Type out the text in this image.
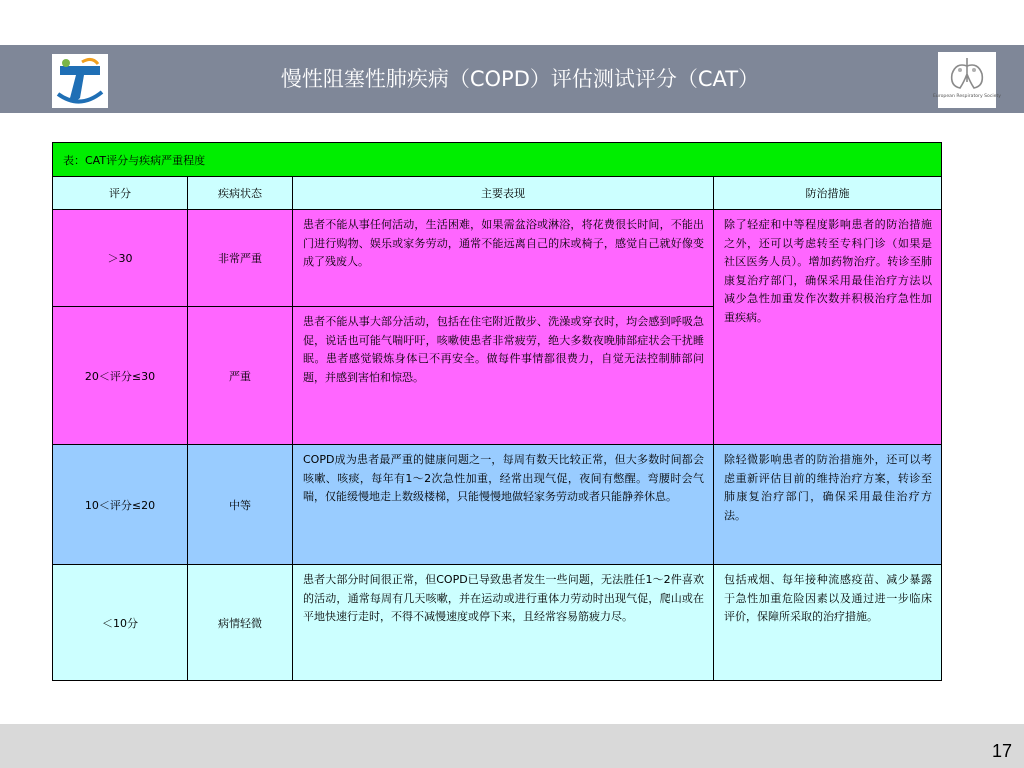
慢性阻塞性肺疾病（COPD）评估测试评分（CAT）
European Respiratory Society
表：CAT评分与疾病严重程度			
评分	疾病状态	主要表现	防治措施
＞30	非常严重	患者不能从事任何活动，生活困难，如果需盆浴或淋浴，将花费很长时间，不能出门进行购物、娱乐或家务劳动，通常不能远离自己的床或椅子，感觉自己就好像变成了残废人。	除了轻症和中等程度影响患者的防治措施之外，还可以考虑转至专科门诊（如果是社区医务人员）。增加药物治疗。转诊至肺康复治疗部门，确保采用最佳治疗方法以减少急性加重发作次数并积极治疗急性加重疾病。
20＜评分≤30	严重	患者不能从事大部分活动，包括在住宅附近散步、洗澡或穿衣时，均会感到呼吸急促，说话也可能气喘吁吁，咳嗽使患者非常疲劳，绝大多数夜晚肺部症状会干扰睡眠。患者感觉锻炼身体已不再安全。做每件事情都很费力，自觉无法控制肺部问题，并感到害怕和惊恐。	
10＜评分≤20	中等	COPD成为患者最严重的健康问题之一，每周有数天比较正常，但大多数时间都会咳嗽、咳痰，每年有1～2次急性加重，经常出现气促，夜间有憋醒。弯腰时会气喘，仅能缓慢地走上数级楼梯，只能慢慢地做轻家务劳动或者只能静养休息。	除轻微影响患者的防治措施外，还可以考虑重新评估目前的维持治疗方案，转诊至肺康复治疗部门，确保采用最佳治疗方法。
＜10分	病情轻微	患者大部分时间很正常，但COPD已导致患者发生一些问题，无法胜任1～2件喜欢的活动，通常每周有几天咳嗽，并在运动或进行重体力劳动时出现气促，爬山或在平地快速行走时，不得不减慢速度或停下来，且经常容易筋疲力尽。	包括戒烟、每年接种流感疫苗、减少暴露于急性加重危险因素以及通过进一步临床评价，保障所采取的治疗措施。
17
